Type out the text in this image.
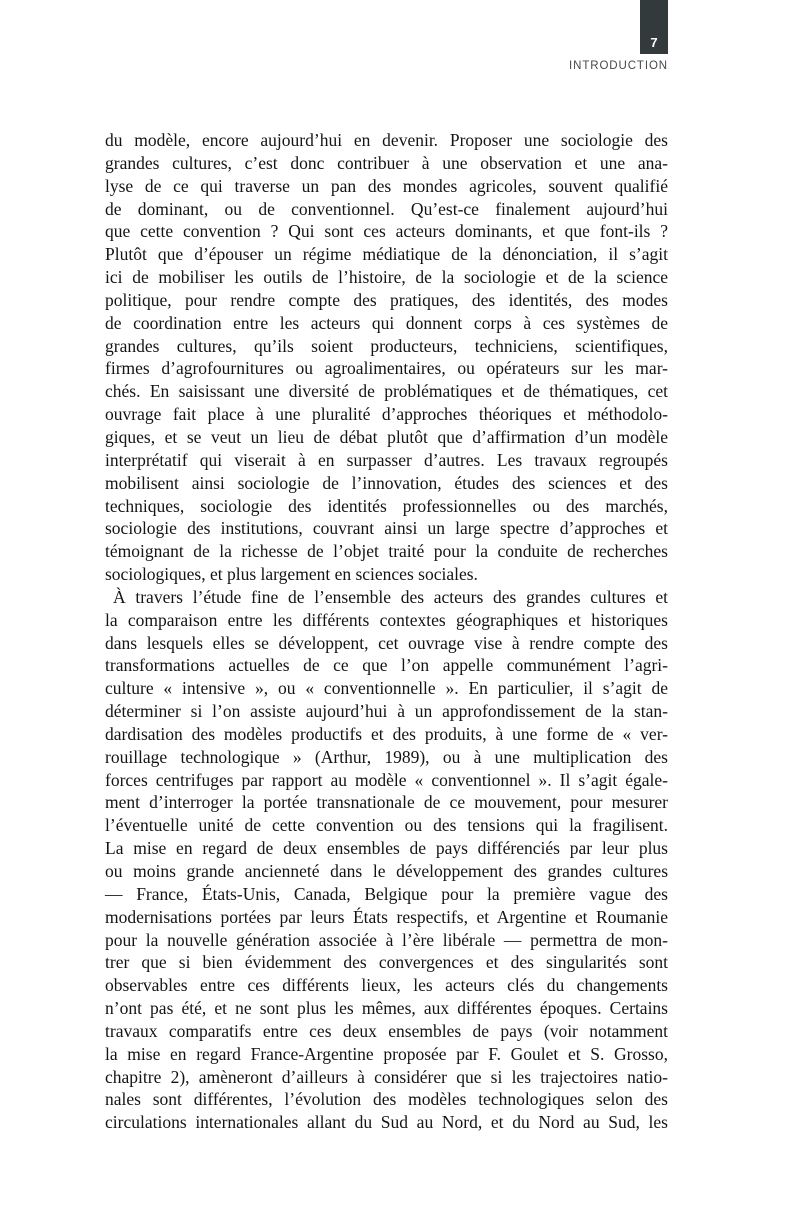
7
INTRODUCTION
du modèle, encore aujourd’hui en devenir. Proposer une sociologie des
grandes cultures, c’est donc contribuer à une observation et une ana-
lyse de ce qui traverse un pan des mondes agricoles, souvent qualifié
de dominant, ou de conventionnel. Qu’est-ce finalement aujourd’hui
que cette convention ? Qui sont ces acteurs dominants, et que font-ils ?
Plutôt que d’épouser un régime médiatique de la dénonciation, il s’agit
ici de mobiliser les outils de l’histoire, de la sociologie et de la science
politique, pour rendre compte des pratiques, des identités, des modes
de coordination entre les acteurs qui donnent corps à ces systèmes de
grandes cultures, qu’ils soient producteurs, techniciens, scientifiques,
firmes d’agrofournitures ou agroalimentaires, ou opérateurs sur les mar-
chés. En saisissant une diversité de problématiques et de thématiques, cet
ouvrage fait place à une pluralité d’approches théoriques et méthodolo-
giques, et se veut un lieu de débat plutôt que d’affirmation d’un modèle
interprétatif qui viserait à en surpasser d’autres. Les travaux regroupés
mobilisent ainsi sociologie de l’innovation, études des sciences et des
techniques, sociologie des identités professionnelles ou des marchés,
sociologie des institutions, couvrant ainsi un large spectre d’approches et
témoignant de la richesse de l’objet traité pour la conduite de recherches
sociologiques, et plus largement en sciences sociales.
À travers l’étude fine de l’ensemble des acteurs des grandes cultures et
la comparaison entre les différents contextes géographiques et historiques
dans lesquels elles se développent, cet ouvrage vise à rendre compte des
transformations actuelles de ce que l’on appelle communément l’agri-
culture « intensive », ou « conventionnelle ». En particulier, il s’agit de
déterminer si l’on assiste aujourd’hui à un approfondissement de la stan-
dardisation des modèles productifs et des produits, à une forme de « ver-
rouillage technologique » (Arthur, 1989), ou à une multiplication des
forces centrifuges par rapport au modèle « conventionnel ». Il s’agit égale-
ment d’interroger la portée transnationale de ce mouvement, pour mesurer
l’éventuelle unité de cette convention ou des tensions qui la fragilisent.
La mise en regard de deux ensembles de pays différenciés par leur plus
ou moins grande ancienneté dans le développement des grandes cultures
— France, États-Unis, Canada, Belgique pour la première vague des
modernisations portées par leurs États respectifs, et Argentine et Roumanie
pour la nouvelle génération associée à l’ère libérale — permettra de mon-
trer que si bien évidemment des convergences et des singularités sont
observables entre ces différents lieux, les acteurs clés du changements
n’ont pas été, et ne sont plus les mêmes, aux différentes époques. Certains
travaux comparatifs entre ces deux ensembles de pays (voir notamment
la mise en regard France-Argentine proposée par F. Goulet et S. Grosso,
chapitre 2), amèneront d’ailleurs à considérer que si les trajectoires natio-
nales sont différentes, l’évolution des modèles technologiques selon des
circulations internationales allant du Sud au Nord, et du Nord au Sud, les
